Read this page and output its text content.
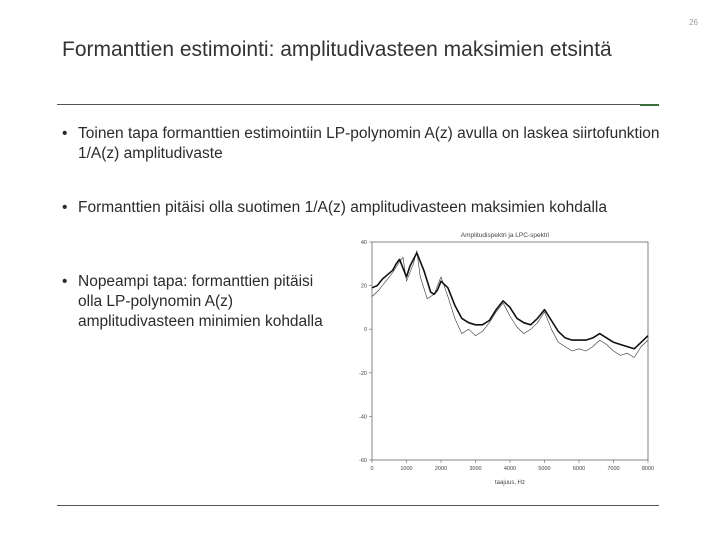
26
Formanttien estimointi: amplitudivasteen maksimien etsintä
• Toinen tapa formanttien estimointiin LP-polynomin A(z) avulla on laskea siirtofunktion 1/A(z) amplitudivaste
• Formanttien pitäisi olla suotimen 1/A(z) amplitudivasteen maksimien kohdalla
• Nopeampi tapa: formanttien pitäisi olla LP-polynomin A(z) amplitudivasteen minimien kohdalla
Amplitudispektri ja LPC-spektri
40
20
0
-20
-40
-60
0	1000	2000	3000	4000	5000	6000	7000	8000
taajuus, Hz
